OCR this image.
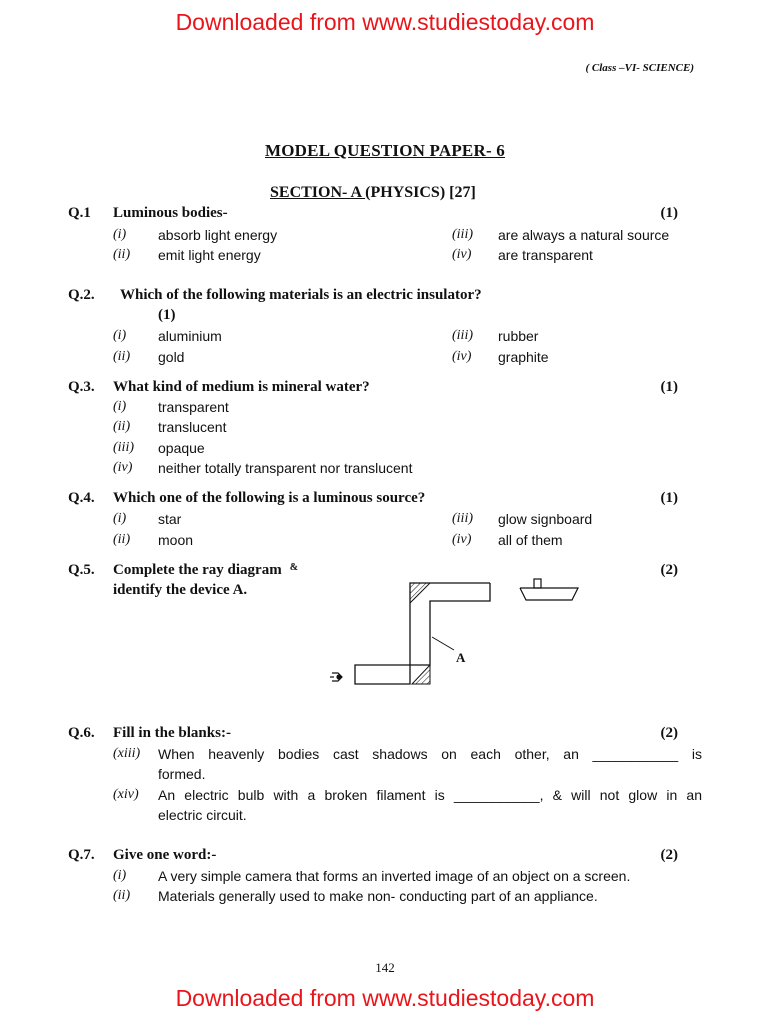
Downloaded from www.studiestoday.com
( Class –VI- SCIENCE)
MODEL QUESTION PAPER- 6
SECTION- A (PHYSICS) [27]
Q.1 Luminous bodies-	(1)
(i) absorb light energy
(ii) emit light energy
(iii) are always a natural source
(iv) are transparent
Q.2. Which of the following materials is an electric insulator?
(1)
(i) aluminium
(ii) gold
(iii) rubber
(iv) graphite
Q.3. What kind of medium is mineral water?	(1)
(i) transparent
(ii) translucent
(iii) opaque
(iv) neither totally transparent nor translucent
Q.4. Which one of the following is a luminous source?	(1)
(i) star
(ii) moon
(iii) glow signboard
(iv) all of them
Q.5. Complete the ray diagram &
identify the device A.
(2)
A
Q.6. Fill in the blanks:-	(2)
(xiii) When heavenly bodies cast shadows on each other, an ___________ is
formed.
(xiv) An electric bulb with a broken filament is ___________, & will not glow in an
electric circuit.
Q.7. Give one word:-	(2)
(i) A very simple camera that forms an inverted image of an object on a screen.
(ii) Materials generally used to make non- conducting part of an appliance.
142
Downloaded from www.studiestoday.com
